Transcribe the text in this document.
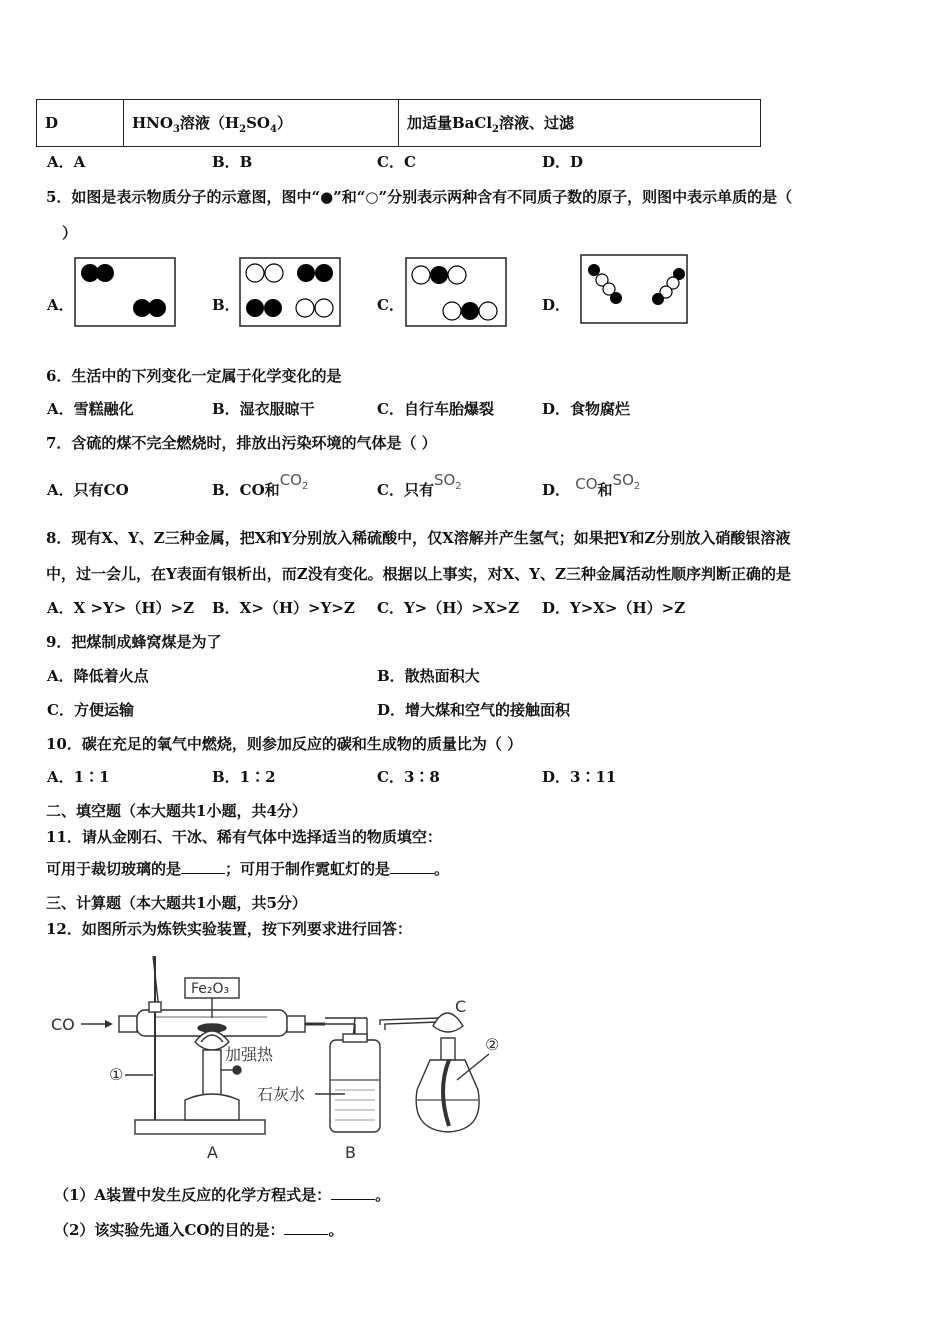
D	$HNO_3$溶液$(H_2SO_4)$	加适量BaCl$_2$溶液、过滤
A．A	B．B	C．C	D．D
5．如图是表示物质分子的示意图，图中“●”和“○”分别表示两种含有不同质子数的原子，则图中表示单质的是（
）
A．	B．	C．	D．
6．生活中的下列变化一定属于化学变化的是
A．雪糕融化	B．湿衣服晾干	C．自行车胎爆裂	D．食物腐烂
7．含硫的煤不完全燃烧时，排放出污染环境的气体是（ ）
A．只有CO	B．CO和$CO_2$	C．只有$SO_2$	D． CO和$SO_2$
8．现有X、Y、Z三种金属，把X和Y分别放入稀硫酸中，仅X溶解并产生氢气；如果把Y和Z分别放入硝酸银溶液
中，过一会儿，在Y表面有银析出，而Z没有变化。根据以上事实，对X、Y、Z三种金属活动性顺序判断正确的是
A．X >Y>（H）>Z B．X>（H）>Y>Z C．Y>（H）>X>Z D．Y>X>（H）>Z
9．把煤制成蜂窝煤是为了
A．降低着火点	B．散热面积大
C．方便运输	D．增大煤和空气的接触面积
10．碳在充足的氧气中燃烧，则参加反应的碳和生成物的质量比为（ ）
A．1∶1	B．1∶2	C．3∶8	D．3∶11
二、填空题（本大题共1小题，共4分）
11．请从金刚石、干冰、稀有气体中选择适当的物质填空：
可用于裁切玻璃的是	；可用于制作霓虹灯的是	。
三、计算题（本大题共1小题，共5分）
12．如图所示为炼铁实验装置，按下列要求进行回答：
CO
Fe₂O₃
加强热
①
A
石灰水
B
C
②
（1）A装置中发生反应的化学方程式是：	。
（2）该实验先通入CO的目的是：	。
